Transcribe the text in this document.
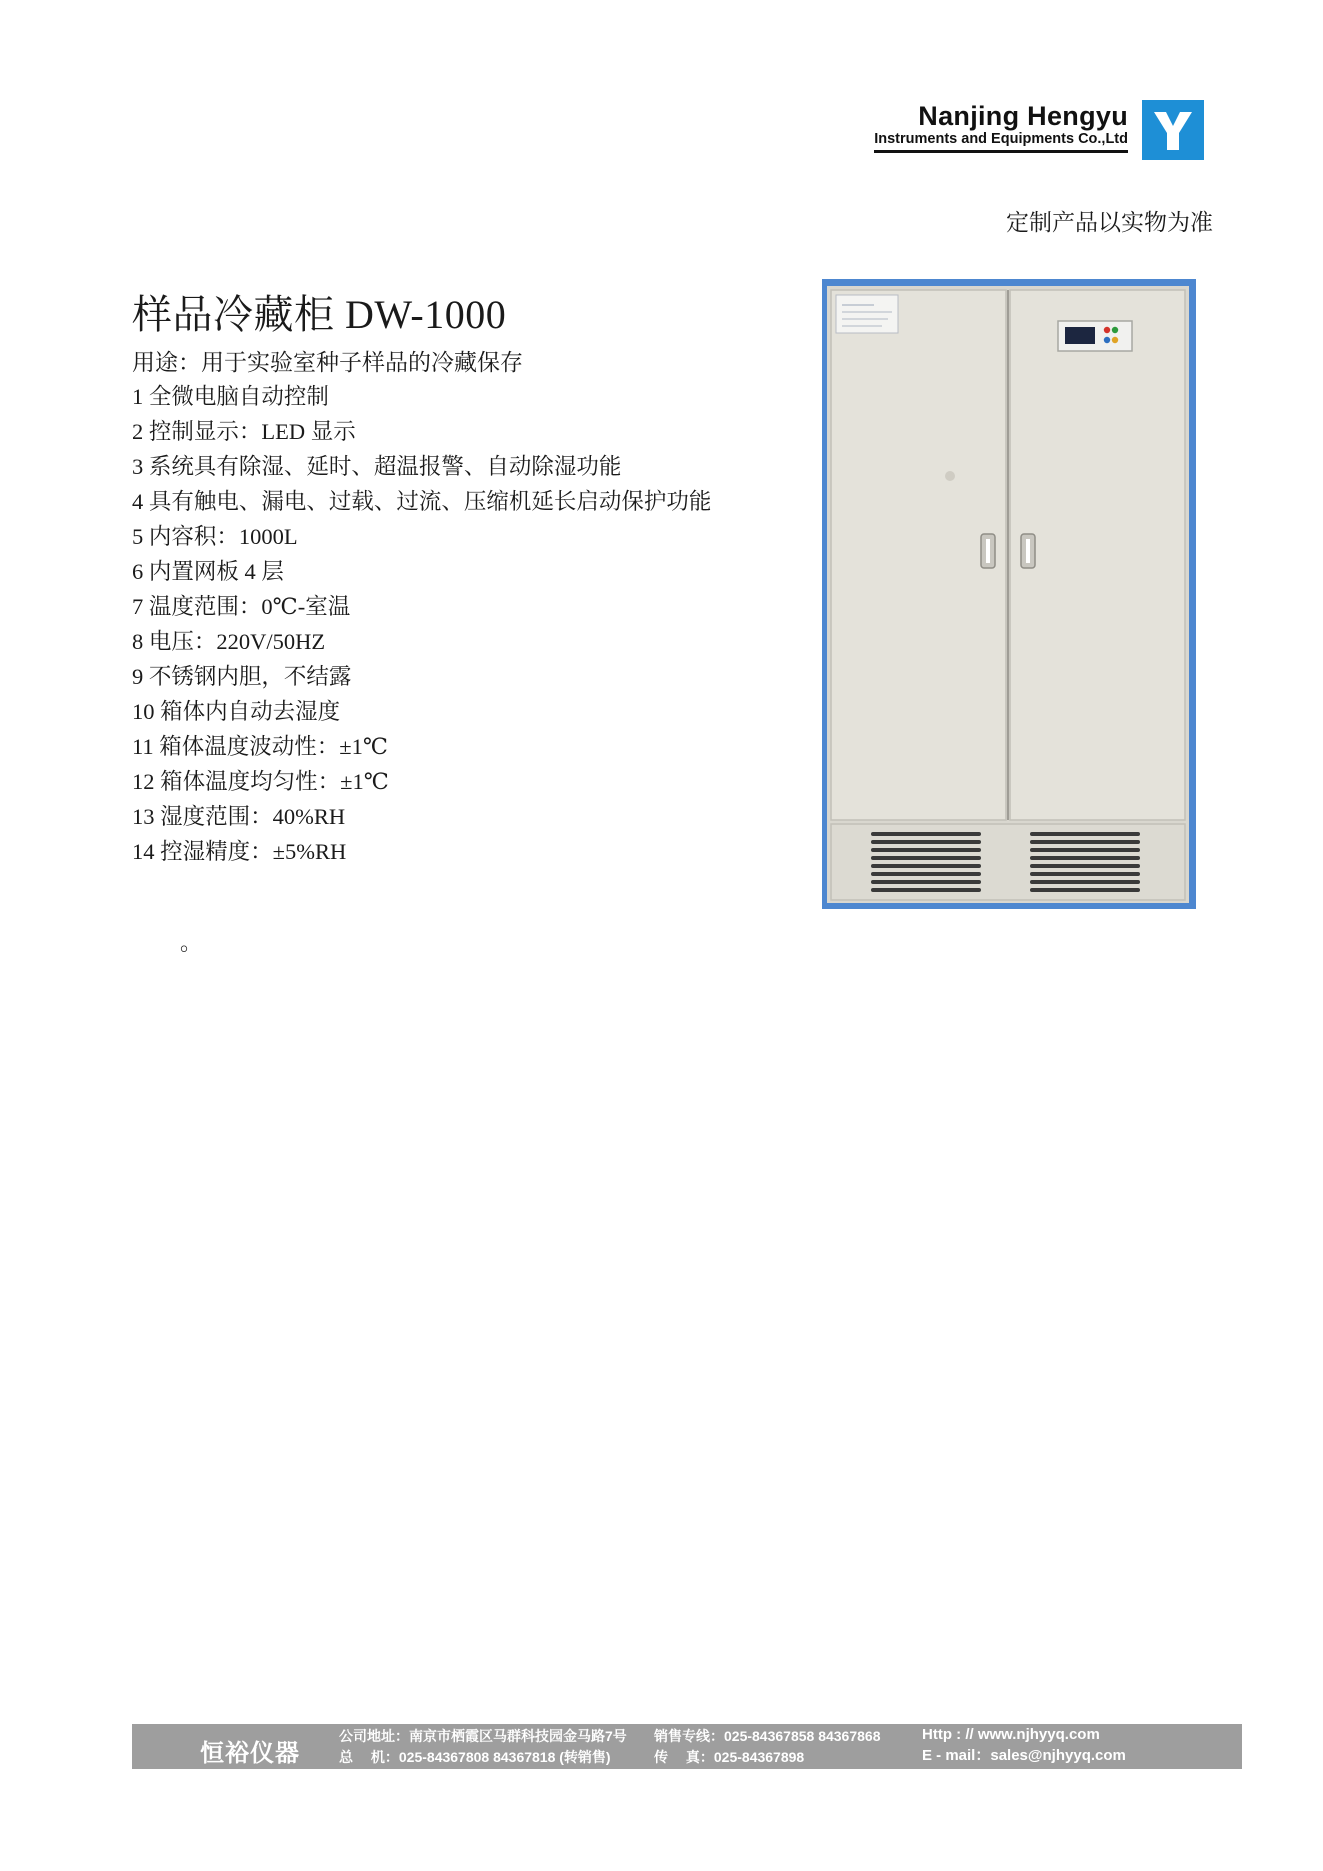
Nanjing Hengyu
Instruments and Equipments Co.,Ltd
定制产品以实物为准
样品冷藏柜 DW-1000
用途：用于实验室种子样品的冷藏保存
1 全微电脑自动控制
2 控制显示：LED 显示
3 系统具有除湿、延时、超温报警、自动除湿功能
4 具有触电、漏电、过载、过流、压缩机延长启动保护功能
5 内容积：1000L
6 内置网板 4 层
7 温度范围：0℃-室温
8 电压：220V/50HZ
9 不锈钢内胆，不结露
10 箱体内自动去湿度
11 箱体温度波动性：±1℃
12 箱体温度均匀性：±1℃
13 湿度范围：40%RH
14 控湿精度：±5%RH
。
恒裕仪器
公司地址：南京市栖霞区马群科技园金马路7号
总　 机：025-84367808 84367818 (转销售)
销售专线：025-84367858 84367868
传　 真：025-84367898
Http : // www.njhyyq.com
E - mail：sales@njhyyq.com
